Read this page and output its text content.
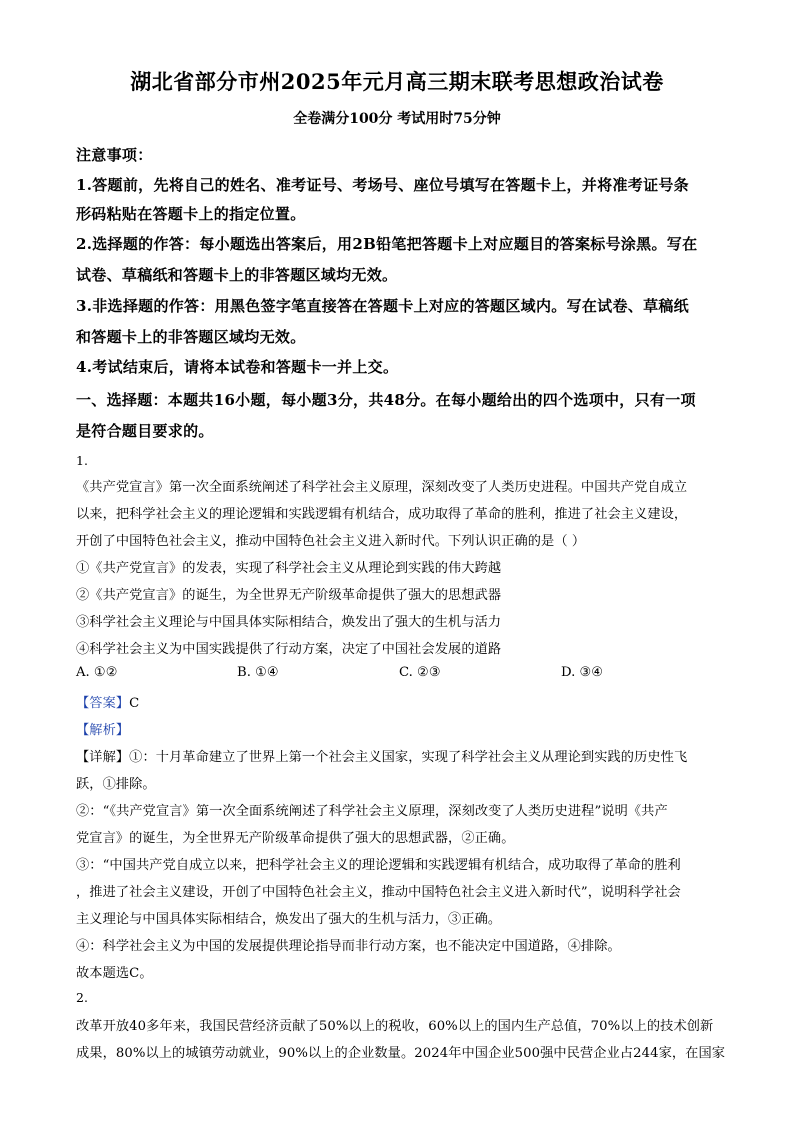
湖北省部分市州2025年元月高三期末联考思想政治试卷
全卷满分100分 考试用时75分钟
注意事项：
1.答题前，先将自己的姓名、准考证号、考场号、座位号填写在答题卡上，并将准考证号条
形码粘贴在答题卡上的指定位置。
2.选择题的作答：每小题选出答案后，用2B铅笔把答题卡上对应题目的答案标号涂黑。写在
试卷、草稿纸和答题卡上的非答题区域均无效。
3.非选择题的作答：用黑色签字笔直接答在答题卡上对应的答题区域内。写在试卷、草稿纸
和答题卡上的非答题区域均无效。
4.考试结束后，请将本试卷和答题卡一并上交。
一、选择题：本题共16小题，每小题3分，共48分。在每小题给出的四个选项中，只有一项
是符合题目要求的。
1.
《共产党宣言》第一次全面系统阐述了科学社会主义原理，深刻改变了人类历史进程。中国共产党自成立
以来，把科学社会主义的理论逻辑和实践逻辑有机结合，成功取得了革命的胜利，推进了社会主义建设，
开创了中国特色社会主义，推动中国特色社会主义进入新时代。下列认识正确的是（ ）
①《共产党宣言》的发表，实现了科学社会主义从理论到实践的伟大跨越
②《共产党宣言》的诞生，为全世界无产阶级革命提供了强大的思想武器
③科学社会主义理论与中国具体实际相结合，焕发出了强大的生机与活力
④科学社会主义为中国实践提供了行动方案，决定了中国社会发展的道路
A. ①②	B. ①④	C. ②③	D. ③④
【答案】C
【解析】
【详解】①：十月革命建立了世界上第一个社会主义国家，实现了科学社会主义从理论到实践的历史性飞
跃，①排除。
②：“《共产党宣言》第一次全面系统阐述了科学社会主义原理，深刻改变了人类历史进程”说明《共产
党宣言》的诞生，为全世界无产阶级革命提供了强大的思想武器，②正确。
③：“中国共产党自成立以来，把科学社会主义的理论逻辑和实践逻辑有机结合，成功取得了革命的胜利
，推进了社会主义建设，开创了中国特色社会主义，推动中国特色社会主义进入新时代”，说明科学社会
主义理论与中国具体实际相结合，焕发出了强大的生机与活力，③正确。
④：科学社会主义为中国的发展提供理论指导而非行动方案，也不能决定中国道路，④排除。
故本题选C。
2.
改革开放40多年来，我国民营经济贡献了50%以上的税收，60%以上的国内生产总值，70%以上的技术创新
成果，80%以上的城镇劳动就业，90%以上的企业数量。2024年中国企业500强中民营企业占244家，在国家
